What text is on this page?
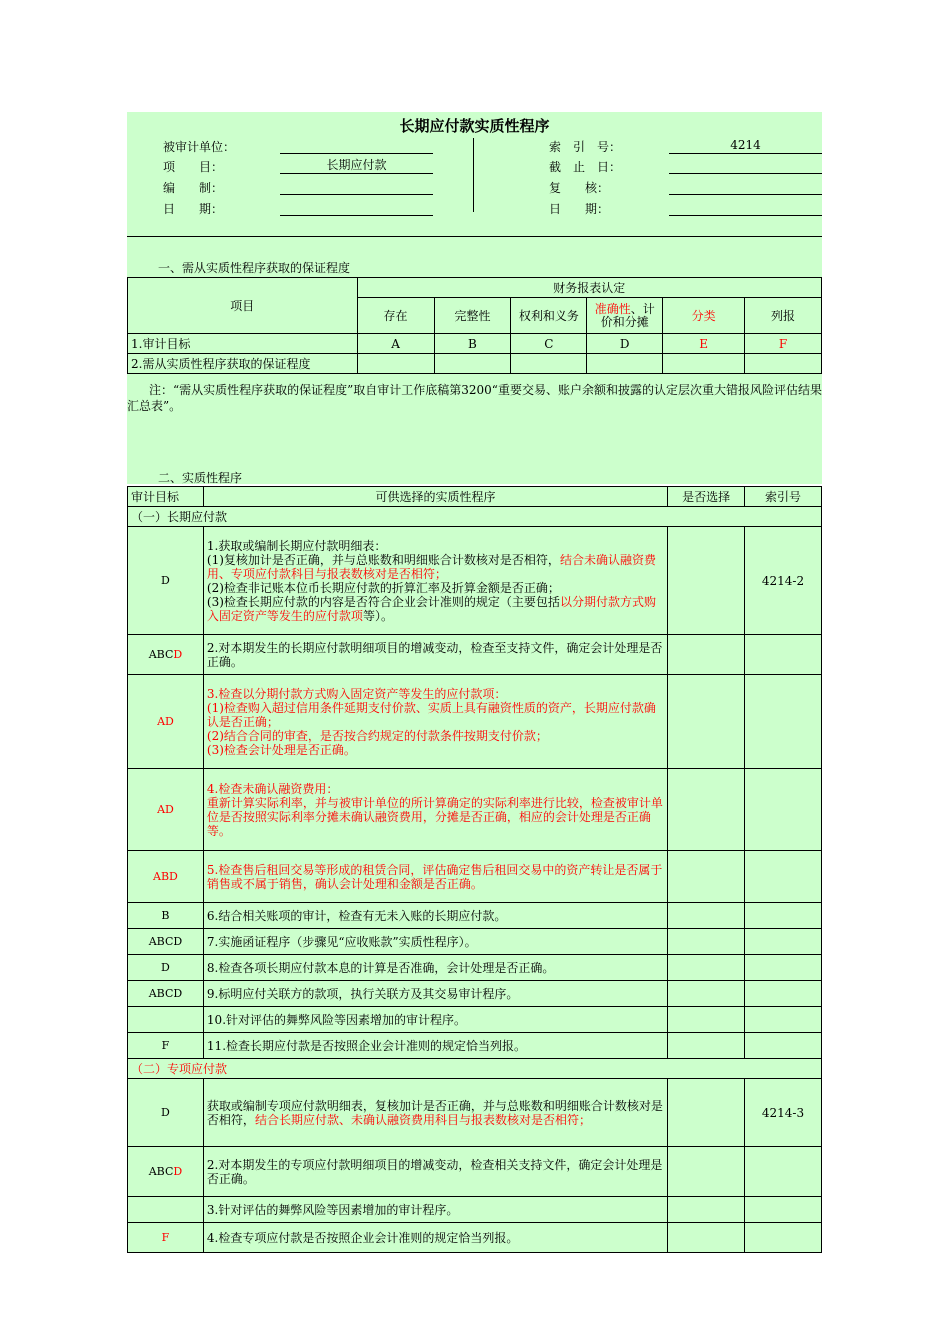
长期应付款实质性程序
被审计单位：
项　　目：	长期应付款
编　　制：
日　　期：
索　引　号：	4214
截　止　日：
复　　核：
日　　期：
一、需从实质性程序获取的保证程度
项目	财务报表认定					
	存在	完整性	权利和义务	准确性、计价和分摊	分类	列报
1.审计目标	A	B	C	D	E	F
2.需从实质性程序获取的保证程度						
注：“需从实质性程序获取的保证程度”取自审计工作底稿第3200“重要交易、账户余额和披露的认定层次重大错报风险评估结果汇总表”。
二、实质性程序
审计目标	可供选择的实质性程序	是否选择	索引号
（一）长期应付款			
D	1.获取或编制长期应付款明细表：
(1)复核加计是否正确，并与总账数和明细账合计数核对是否相符，结合未确认融资费用、专项应付款科目与报表数核对是否相符；
(2)检查非记账本位币长期应付款的折算汇率及折算金额是否正确；
(3)检查长期应付款的内容是否符合企业会计准则的规定（主要包括以分期付款方式购入固定资产等发生的应付款项等）。		4214-2
ABCD	2.对本期发生的长期应付款明细项目的增减变动，检查至支持文件，确定会计处理是否正确。		
AD	3.检查以分期付款方式购入固定资产等发生的应付款项：
(1)检查购入超过信用条件延期支付价款、实质上具有融资性质的资产，长期应付款确认是否正确；
(2)结合合同的审查，是否按合约规定的付款条件按期支付价款；
(3)检查会计处理是否正确。		
AD	4.检查未确认融资费用：
重新计算实际利率，并与被审计单位的所计算确定的实际利率进行比较，检查被审计单位是否按照实际利率分摊未确认融资费用，分摊是否正确，相应的会计处理是否正确等。		
ABD	5.检查售后租回交易等形成的租赁合同，评估确定售后租回交易中的资产转让是否属于销售或不属于销售，确认会计处理和金额是否正确。		
B	6.结合相关账项的审计，检查有无未入账的长期应付款。		
ABCD	7.实施函证程序（步骤见“应收账款”实质性程序）。		
D	8.检查各项长期应付款本息的计算是否准确，会计处理是否正确。		
ABCD	9.标明应付关联方的款项，执行关联方及其交易审计程序。		
	10.针对评估的舞弊风险等因素增加的审计程序。		
F	11.检查长期应付款是否按照企业会计准则的规定恰当列报。		
（二）专项应付款			
D	获取或编制专项应付款明细表，复核加计是否正确，并与总账数和明细账合计数核对是否相符，结合长期应付款、未确认融资费用科目与报表数核对是否相符；		4214-3
ABCD	2.对本期发生的专项应付款明细项目的增减变动，检查相关支持文件，确定会计处理是否正确。		
	3.针对评估的舞弊风险等因素增加的审计程序。		
F	4.检查专项应付款是否按照企业会计准则的规定恰当列报。		
